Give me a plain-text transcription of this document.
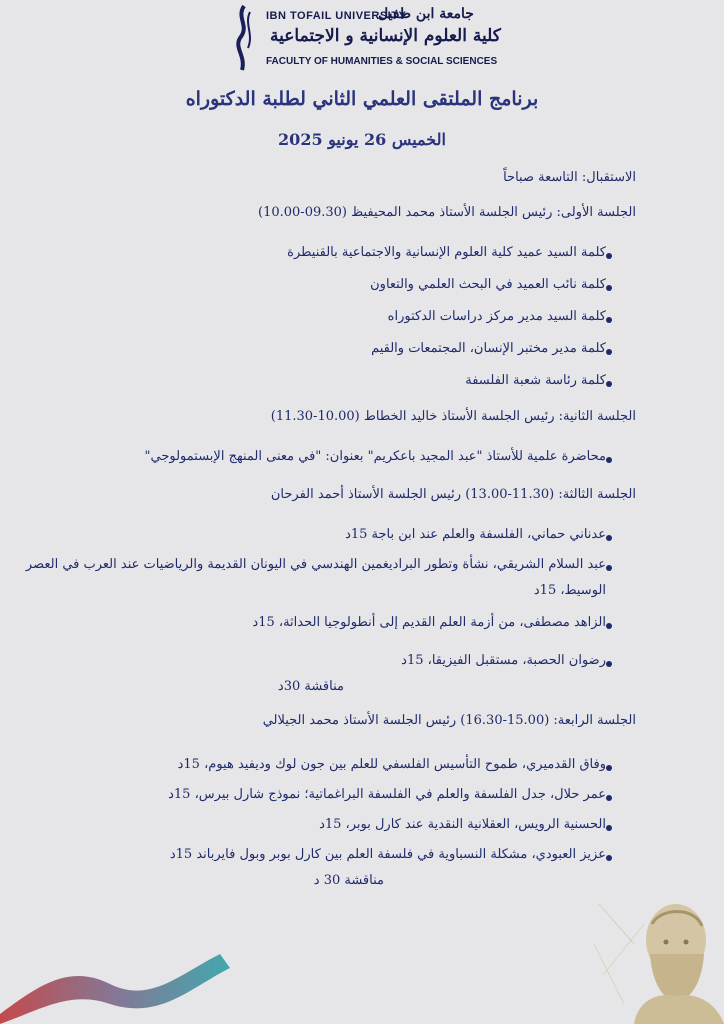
IBN TOFAIL UNIVERSITY
جامعة ابن طفيل
كلية العلوم الإنسانية و الاجتماعية
FACULTY OF HUMANITIES & SOCIAL SCIENCES
برنامج الملتقى العلمي الثاني لطلبة الدكتوراه
الخميس 26 يونيو 2025
الاستقبال: التاسعة صباحاً
الجلسة الأولى: رئيس الجلسة الأستاذ محمد المحيفيظ (09.30-10.00)
كلمة السيد عميد كلية العلوم الإنسانية والاجتماعية بالقنيطرة
كلمة نائب العميد في البحث العلمي والتعاون
كلمة السيد مدير مركز دراسات الدكتوراه
كلمة مدير مختبر الإنسان، المجتمعات والقيم
كلمة رئاسة شعبة الفلسفة
الجلسة الثانية: رئيس الجلسة الأستاذ خاليد الخطاط (10.00-11.30)
محاضرة علمية للأستاذ "عبد المجيد باعكريم" بعنوان: "في معنى المنهج الإبستمولوجي"
الجلسة الثالثة: (11.30-13.00) رئيس الجلسة الأستاذ أحمد الفرحان
عدناني حماني، الفلسفة والعلم عند ابن باجة 15د
عبد السلام الشريقي، نشأة وتطور البراديغمين الهندسي في اليونان القديمة والرياضيات عند العرب في العصر
الوسيط، 15د
الزاهد مصطفى، من أزمة العلم القديم إلى أنطولوجيا الحداثة، 15د
رضوان الحصبة، مستقبل الفيزيقا، 15د
مناقشة 30د
الجلسة الرابعة: (15.00-16.30) رئيس الجلسة الأستاذ محمد الجيلالي
وفاق القدميري، طموح التأسيس الفلسفي للعلم بين جون لوك وديفيد هيوم، 15د
عمر حلال، جدل الفلسفة والعلم في الفلسفة البراغماتية؛ نموذج شارل بيرس، 15د
الحسنية الرويس، العقلانية النقدية عند كارل بوبر، 15د
عزيز العبودي، مشكلة النسباوية في فلسفة العلم بين كارل بوبر وبول فايرباند 15د
مناقشة 30 د
